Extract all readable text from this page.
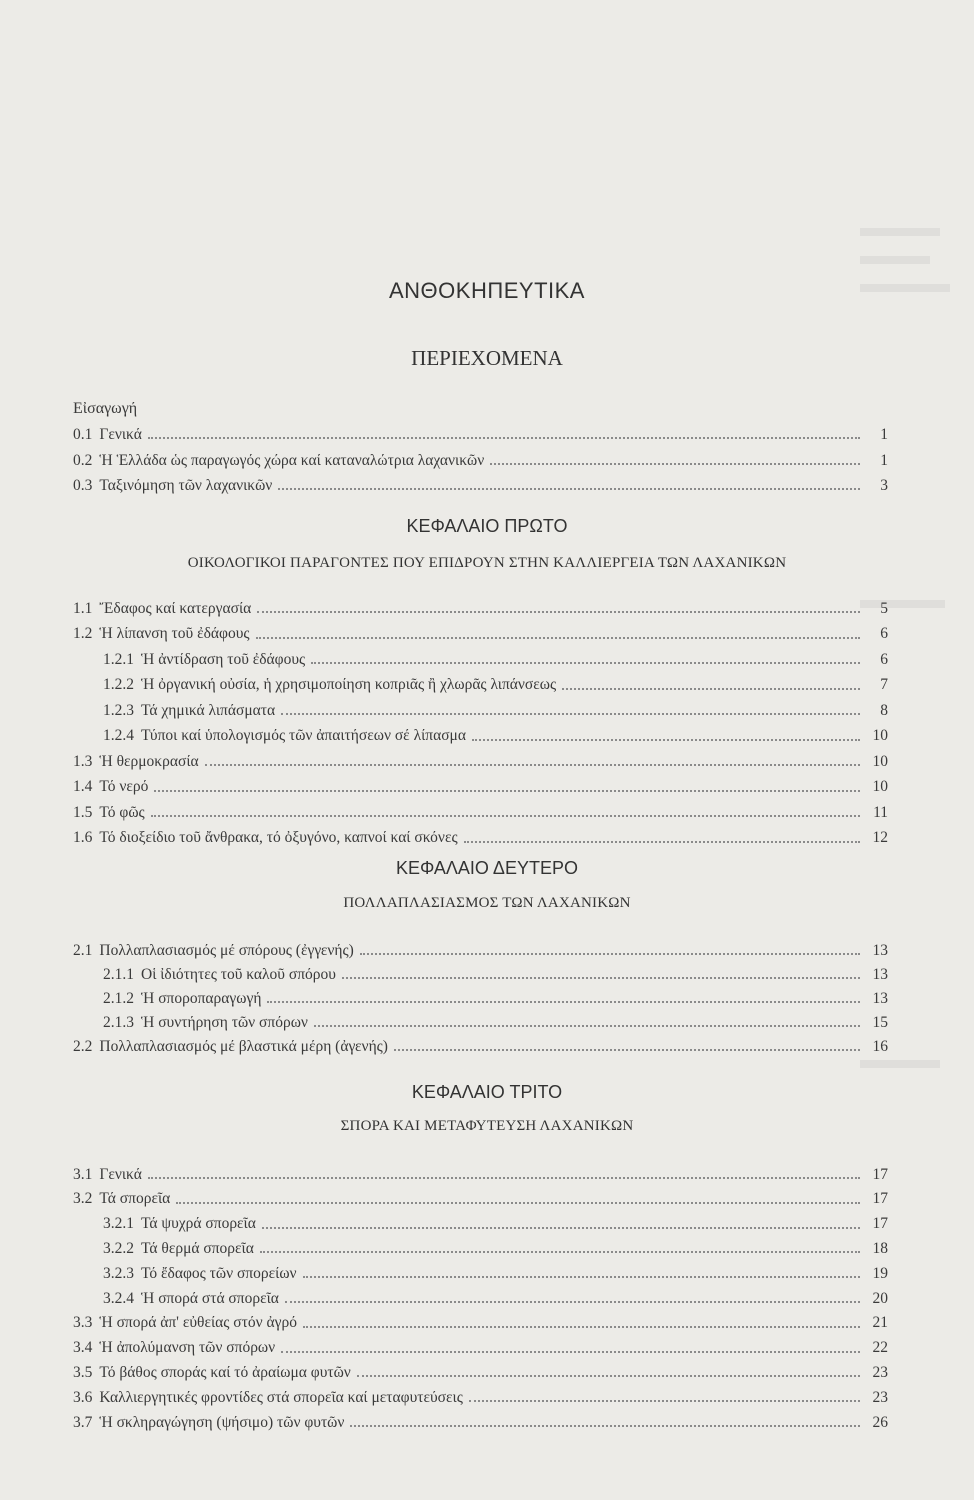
ΑΝΘΟΚΗΠΕΥΤΙΚΑ
ΠΕΡΙΕΧΟΜΕΝΑ
Εἰσαγωγή
ΚΕΦΑΛΑΙΟ ΠΡΩΤΟ
ΟΙΚΟΛΟΓΙΚΟΙ ΠΑΡΑΓΟΝΤΕΣ ΠΟΥ ΕΠΙΔΡΟΥΝ ΣΤΗΝ ΚΑΛΛΙΕΡΓΕΙΑ ΤΩΝ ΛΑΧΑΝΙΚΩΝ
ΚΕΦΑΛΑΙΟ ΔΕΥΤΕΡΟ
ΠΟΛΛΑΠΛΑΣΙΑΣΜΟΣ ΤΩΝ ΛΑΧΑΝΙΚΩΝ
ΚΕΦΑΛΑΙΟ ΤΡΙΤΟ
ΣΠΟΡΑ ΚΑΙ ΜΕΤΑΦΥΤΕΥΣΗ ΛΑΧΑΝΙΚΩΝ
0.1 Γενικά	1
0.2 Ἡ Ἑλλάδα ὡς παραγωγός χώρα καί καταναλώτρια λαχανικῶν	1
0.3 Ταξινόμηση τῶν λαχανικῶν	3
1.1 Ἔδαφος καί κατεργασία	5
1.2 Ἡ λίπανση τοῦ ἐδάφους	6
1.2.1 Ἡ ἀντίδραση τοῦ ἐδάφους	6
1.2.2 Ἡ ὀργανική οὐσία, ἡ χρησιμοποίηση κοπριᾶς ἢ χλωρᾶς λιπάνσεως	7
1.2.3 Τά χημικά λιπάσματα	8
1.2.4 Τύποι καί ὑπολογισμός τῶν ἀπαιτήσεων σέ λίπασμα	10
1.3 Ἡ θερμοκρασία	10
1.4 Τό νερό	10
1.5 Τό φῶς	11
1.6 Τό διοξείδιο τοῦ ἄνθρακα, τό ὀξυγόνο, καπνοί καί σκόνες	12
2.1 Πολλαπλασιασμός μέ σπόρους (ἐγγενής)	13
2.1.1 Οἱ ἰδιότητες τοῦ καλοῦ σπόρου	13
2.1.2 Ἡ σποροπαραγωγή	13
2.1.3 Ἡ συντήρηση τῶν σπόρων	15
2.2 Πολλαπλασιασμός μέ βλαστικά μέρη (ἀγενής)	16
3.1 Γενικά	17
3.2 Τά σπορεῖα	17
3.2.1 Τά ψυχρά σπορεῖα	17
3.2.2 Τά θερμά σπορεῖα	18
3.2.3 Τό ἔδαφος τῶν σπορείων	19
3.2.4 Ἡ σπορά στά σπορεῖα	20
3.3 Ἡ σπορά ἀπ' εὐθείας στόν ἀγρό	21
3.4 Ἡ ἀπολύμανση τῶν σπόρων	22
3.5 Τό βάθος σποράς καί τό ἀραίωμα φυτῶν	23
3.6 Καλλιεργητικές φροντίδες στά σπορεῖα καί μεταφυτεύσεις	23
3.7 Ἡ σκληραγώγηση (ψήσιμο) τῶν φυτῶν	26
